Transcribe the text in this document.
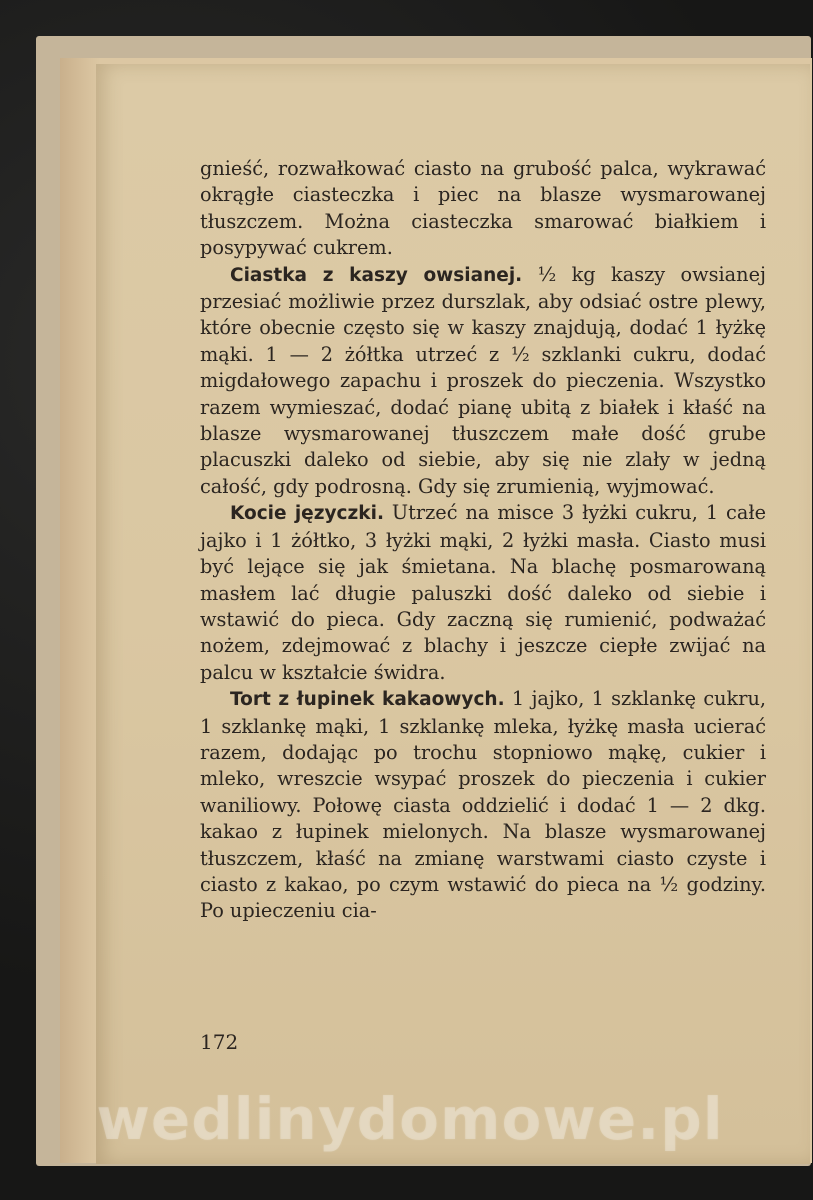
gnieść, rozwałkować ciasto na grubość palca, wykrawać okrągłe ciasteczka i piec na blasze wysmarowanej tłuszczem. Można ciasteczka smarować białkiem i posypywać cukrem.

Ciastka z kaszy owsianej. ½ kg kaszy owsianej przesiać możliwie przez durszlak, aby odsiać ostre plewy, które obecnie często się w kaszy znajdują, dodać 1 łyżkę mąki. 1 — 2 żółtka utrzeć z ½ szklanki cukru, dodać migdałowego zapachu i proszek do pieczenia. Wszystko razem wymieszać, dodać pianę ubitą z białek i kłaść na blasze wysmarowanej tłuszczem małe dość grube placuszki daleko od siebie, aby się nie zlały w jedną całość, gdy podrosną. Gdy się zrumienią, wyjmować.

Kocie języczki. Utrzeć na misce 3 łyżki cukru, 1 całe jajko i 1 żółtko, 3 łyżki mąki, 2 łyżki masła. Ciasto musi być lejące się jak śmietana. Na blachę posmarowaną masłem lać długie paluszki dość daleko od siebie i wstawić do pieca. Gdy zaczną się rumienić, podważać nożem, zdejmować z blachy i jeszcze ciepłe zwijać na palcu w kształcie świdra.

Tort z łupinek kakaowych. 1 jajko, 1 szklankę cukru, 1 szklankę mąki, 1 szklankę mleka, łyżkę masła ucierać razem, dodając po trochu stopniowo mąkę, cukier i mleko, wreszcie wsypać proszek do pieczenia i cukier waniliowy. Połowę ciasta oddzielić i dodać 1 — 2 dkg. kakao z łupinek mielonych. Na blasze wysmarowanej tłuszczem, kłaść na zmianę warstwami ciasto czyste i ciasto z kakao, po czym wstawić do pieca na ½ godziny. Po upieczeniu cia-

172
wedlinydomowe.pl
